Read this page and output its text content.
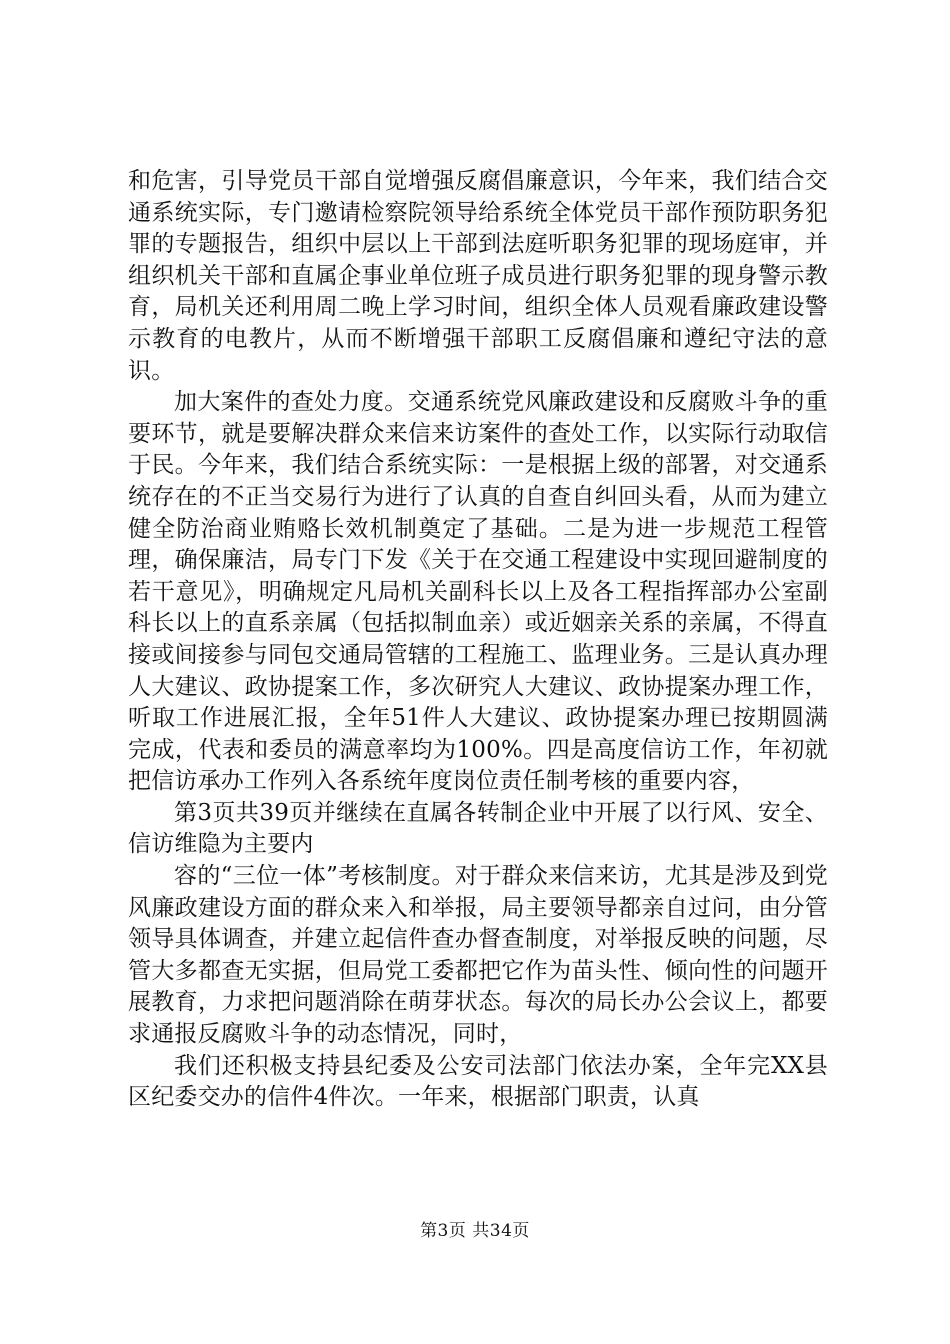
和危害，引导党员干部自觉增强反腐倡廉意识，今年来，我们结合交通系统实际，专门邀请检察院领导给系统全体党员干部作预防职务犯罪的专题报告，组织中层以上干部到法庭听职务犯罪的现场庭审，并组织机关干部和直属企事业单位班子成员进行职务犯罪的现身警示教育，局机关还利用周二晚上学习时间，组织全体人员观看廉政建设警示教育的电教片，从而不断增强干部职工反腐倡廉和遵纪守法的意识。

加大案件的查处力度。交通系统党风廉政建设和反腐败斗争的重要环节，就是要解决群众来信来访案件的查处工作，以实际行动取信于民。今年来，我们结合系统实际：一是根据上级的部署，对交通系统存在的不正当交易行为进行了认真的自查自纠回头看，从而为建立健全防治商业贿赂长效机制奠定了基础。二是为进一步规范工程管理，确保廉洁，局专门下发《关于在交通工程建设中实现回避制度的若干意见》，明确规定凡局机关副科长以上及各工程指挥部办公室副科长以上的直系亲属（包括拟制血亲）或近姻亲关系的亲属，不得直接或间接参与同包交通局管辖的工程施工、监理业务。三是认真办理人大建议、政协提案工作，多次研究人大建议、政协提案办理工作，听取工作进展汇报，全年51件人大建议、政协提案办理已按期圆满完成，代表和委员的满意率均为100%。四是高度信访工作，年初就把信访承办工作列入各系统年度岗位责任制考核的重要内容，

第3页共39页并继续在直属各转制企业中开展了以行风、安全、信访维隐为主要内

容的“三位一体”考核制度。对于群众来信来访，尤其是涉及到党风廉政建设方面的群众来入和举报，局主要领导都亲自过问，由分管领导具体调查，并建立起信件查办督查制度，对举报反映的问题，尽管大多都查无实据，但局党工委都把它作为苗头性、倾向性的问题开展教育，力求把问题消除在萌芽状态。每次的局长办公会议上，都要求通报反腐败斗争的动态情况，同时，

我们还积极支持县纪委及公安司法部门依法办案，全年完XX县区纪委交办的信件4件次。一年来，根据部门职责，认真

第3页 共34页
